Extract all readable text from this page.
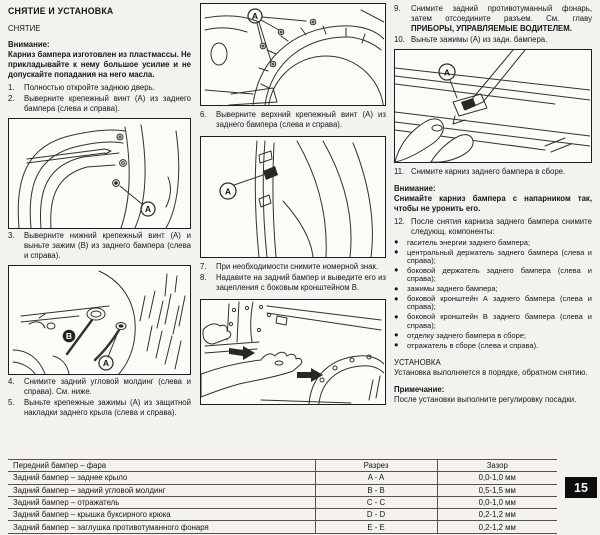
СНЯТИЕ И УСТАНОВКА
СНЯТИЕ
Внимание:
Карниз бампера изготовлен из пластмассы. Не прикладывайте к нему большое усилие и не допускайте попадания на него масла.
1. Полностью откройте заднюю дверь.
2. Выверните крепежный винт (А) из заднего бампера (слева и справа).
A
3. Выверните нижний крепежный винт (А) и выньте зажим (В) из заднего бампера (слева и справа).
B
A
4. Снимите задний угловой молдинг (слева и справа). См. ниже.
5. Выньте крепежные зажимы (А) из защитной накладки заднего крыла (слева и справа).
A
6. Выверните верхний крепежный винт (А) из заднего бампера (слева и справа).
A
7. При необходимости снимите номерной знак.
8. Надавите на задний бампер и выведите его из зацепления с боковым кронштейном В.
9. Снимите задний противотуманный фонарь, затем отсоедините разъем. См. главу ПРИБОРЫ, УПРАВЛЯЕМЫЕ ВОДИТЕЛЕМ.
10. Выньте зажимы (А) из задн. бампера.
A
11. Снимите карниз заднего бампера в сборе.
Внимание:
Снимайте карниз бампера с напарником так, чтобы не уронить его.
12. После снятия карниза заднего бампера снимите следующ. компоненты:
● гаситель энергии заднего бампера;
● центральный держатель заднего бампера (слева и справа);
● боковой держатель заднего бампера (слева и справа);
● зажимы заднего бампера;
● боковой кронштейн А заднего бампера (слева и справа);
● боковой кронштейн В заднего бампера (слева и справа);
● отделку заднего бампера в сборе;
● отражатель в сборе (слева и справа).
УСТАНОВКА
Установка выполняется в порядке, обратном снятию.
Примечание:
После установки выполните регулировку посадки.
Передний бампер – фара	Разрез	Зазор
Задний бампер – заднее крыло	A - A	0,0-1,0 мм
Задний бампер – задний угловой молдинг	B - B	0,5-1,5 мм
Задний бампер – отражатель	C - C	0,0-1,0 мм
Задний бампер – крышка буксирного крюка	D - D	0,2-1,2 мм
Задний бампер – заглушка противотуманного фонаря	E - E	0,2-1,2 мм
15
